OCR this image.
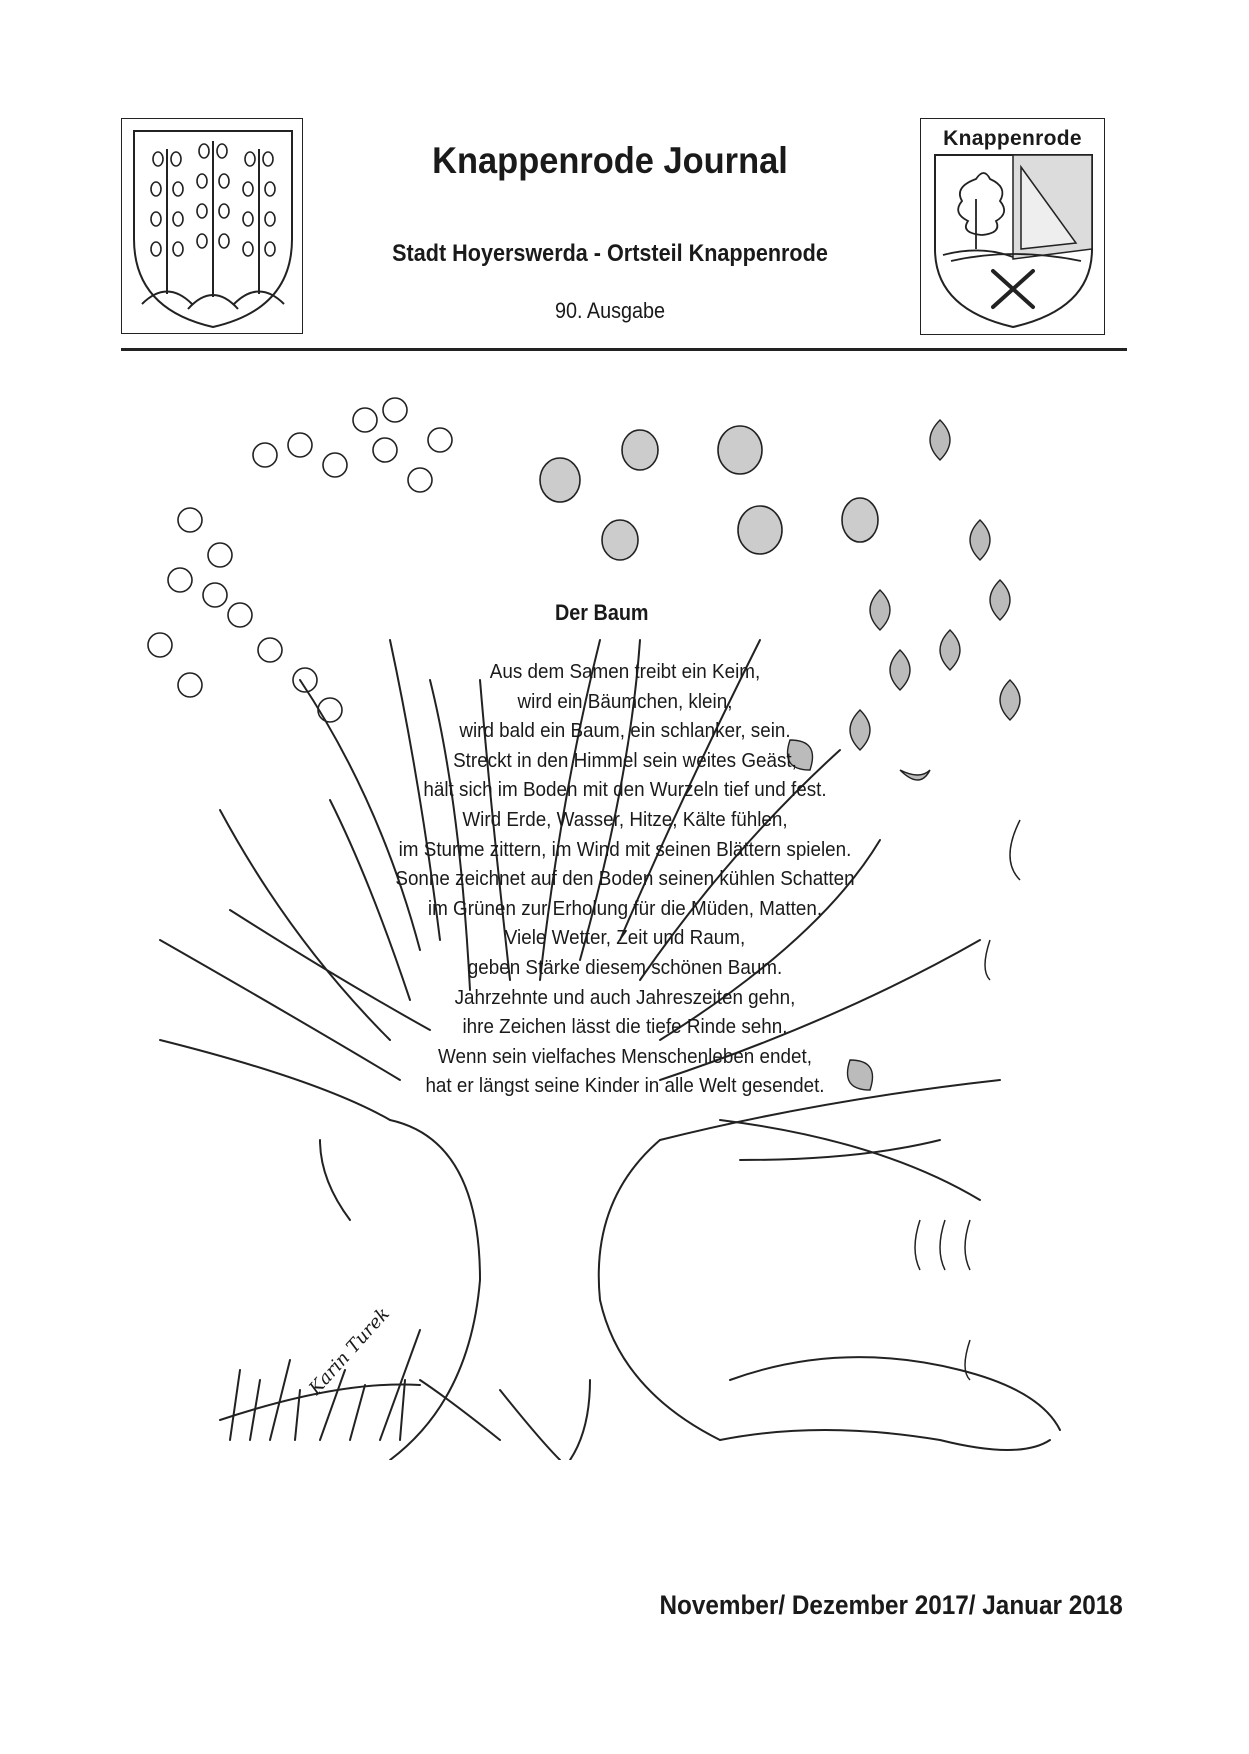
Knappenrode
Knappenrode Journal
Stadt Hoyerswerda - Ortsteil Knappenrode
90. Ausgabe
Der Baum
Aus dem Samen treibt ein Keim,
wird ein Bäumchen, klein,
wird bald ein Baum, ein schlanker, sein.
Streckt in den Himmel sein weites Geäst,
hält sich im Boden mit den Wurzeln tief und fest.
Wird Erde, Wasser, Hitze, Kälte fühlen,
im Sturme zittern, im Wind mit seinen Blättern spielen.
Sonne zeichnet auf den Boden seinen kühlen Schatten
im Grünen zur Erholung für die Müden, Matten.
Viele Wetter, Zeit und Raum,
geben Stärke diesem schönen Baum.
Jahrzehnte und auch Jahreszeiten gehn,
ihre Zeichen lässt die tiefe Rinde sehn.
Wenn sein vielfaches Menschenleben endet,
hat er längst seine Kinder in alle Welt gesendet.
Karin Turek
November/ Dezember 2017/ Januar 2018
